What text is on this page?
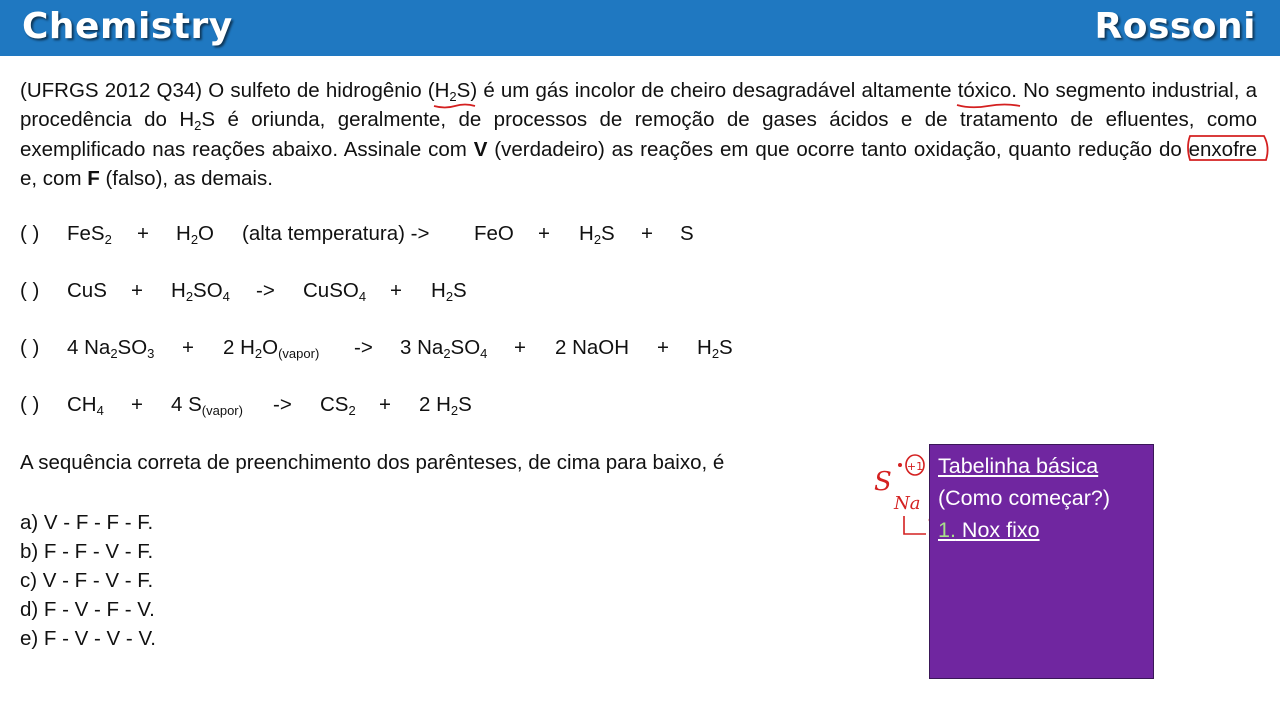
Chemistry	Rossoni
(UFRGS 2012 Q34) O sulfeto de hidrogênio ($H_2S$
) é um gás incolor de cheiro desagradável altamente tóxico
. No segmento industrial, a procedência do $H_2S$ é oriunda, geralmente, de processos de remoção de gases ácidos e de tratamento de efluentes, como exemplificado nas reações abaixo. Assinale com V (verdadeiro) as reações em que ocorre tanto oxidação, quanto redução do enxofre
e, com F (falso), as demais.
( ) $FeS_2 + H_2O$ (alta temperatura) -> FeO + $H_2S + S$
( ) CuS + $H_2SO_4$ -> CuSO$_4$ + $H_2S$
( ) 4 $Na_2SO_3 + 2$ $H_2O_{(vapor)} -> 3$ $Na_2SO_4 + 2$ NaOH + $H_2S$
( ) $CH_4 + 4$ $S_{(vapor)} -> CS_2 + 2$ $H_2S$
A sequência correta de preenchimento dos parênteses, de cima para baixo, é
a) V - F - F - F.
b) F - F - V - F.
c) V - F - V - F.
d) F - V - F - V.
e) F - V - V - V.
S
+1
Na
Tabelinha básica
(Como começar?)
1. Nox fixo
